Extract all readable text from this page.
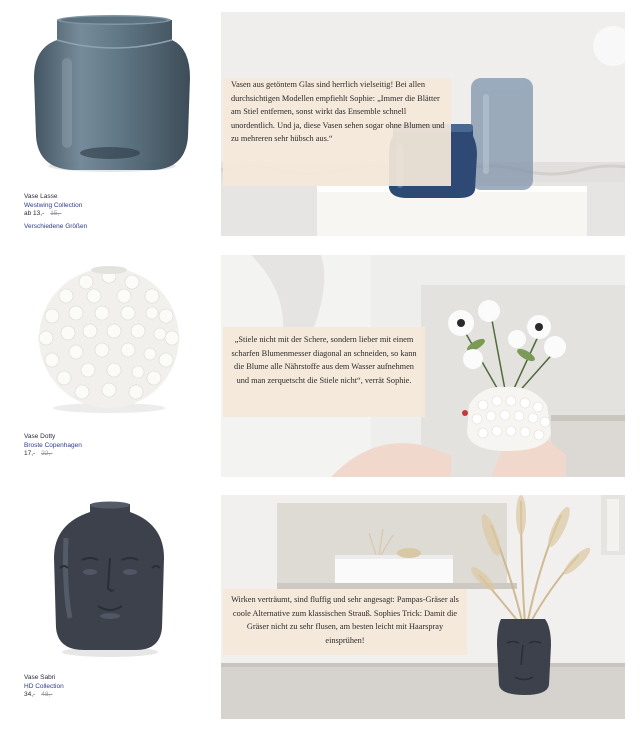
Vase Lasse
Westwing Collection
ab 13,- 15,-
Verschiedene Größen
Vasen aus getöntem Glas sind herrlich vielseitig! Bei allen durchsichtigen Modellen empfiehlt Sophie: „Immer die Blätter am Stiel entfernen, sonst wirkt das Ensemble schnell unordentlich. Und ja, diese Vasen sehen sogar ohne Blumen und zu mehreren sehr hübsch aus.“
Vase Dotty
Broste Copenhagen
17,- 22,-
„Stiele nicht mit der Schere, sondern lieber mit einem scharfen Blumenmesser diagonal an schneiden, so kann die Blume alle Nährstoffe aus dem Wasser aufnehmen und man zerquetscht die Stiele nicht“, verrät Sophie.
Vase Sabri
HD Collection
34,- 48,-
Wirken verträumt, sind fluffig und sehr angesagt: Pampas-Gräser als coole Alternative zum klassischen Strauß. Sophies Trick: Damit die Gräser nicht zu sehr flusen, am besten leicht mit Haarspray einsprühen!
